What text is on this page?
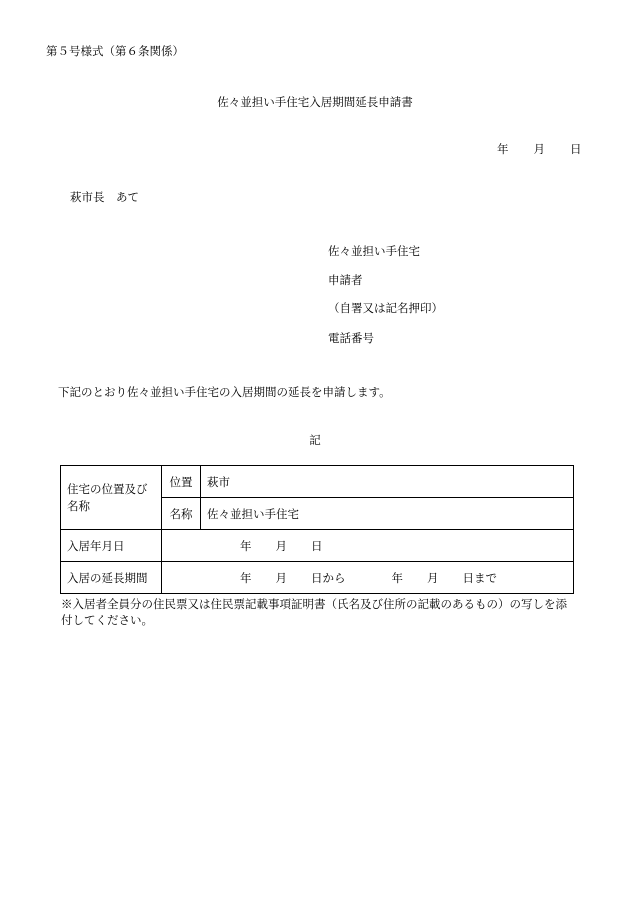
第５号様式（第６条関係）
佐々並担い手住宅入居期間延長申請書
年 月 日
萩市長　あて
佐々並担い手住宅
申請者
（自署又は記名押印）
電話番号
下記のとおり佐々並担い手住宅の入居期間の延長を申請します。
記
住宅の位置及び名称	位置	萩市
	名称	佐々並担い手住宅
入居年月日	年 月 日	
入居の延長期間	年 月 日から 年 月 日まで	
※入居者全員分の住民票又は住民票記載事項証明書（氏名及び住所の記載のあるもの）の写しを添付してください。
